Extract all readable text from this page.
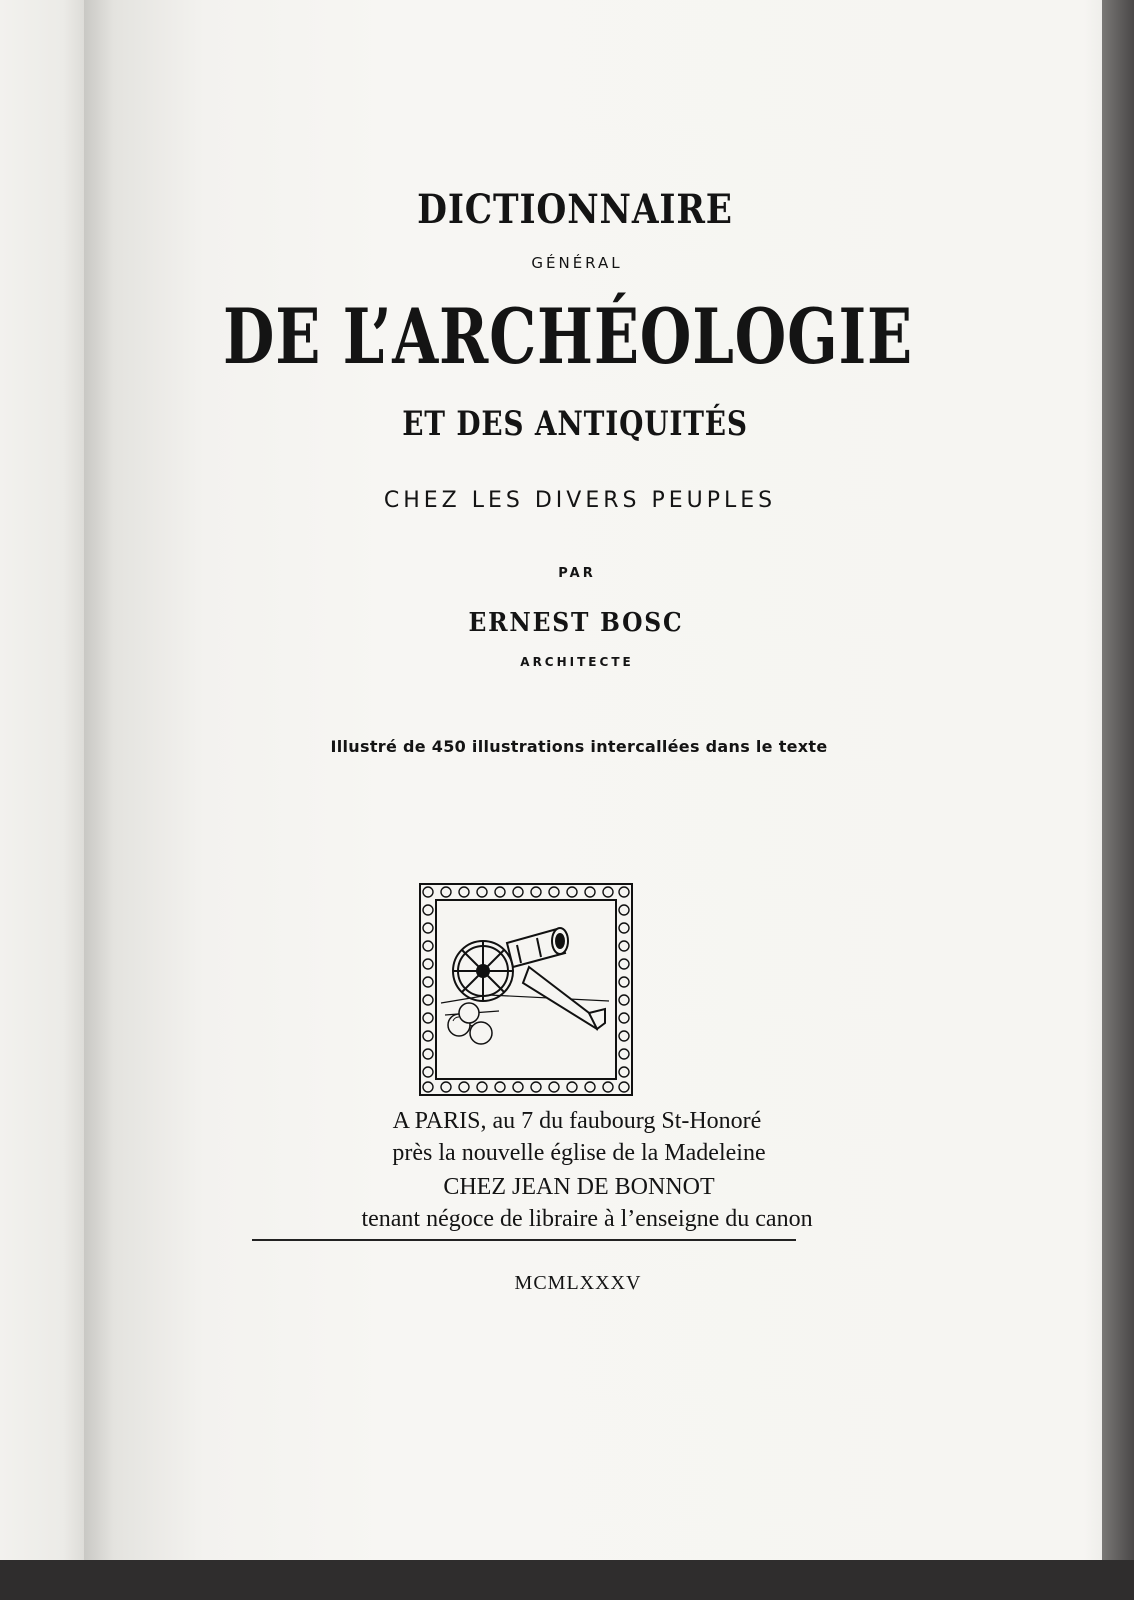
DICTIONNAIRE
GÉNÉRAL
DE L’ARCHÉOLOGIE
ET DES ANTIQUITÉS
CHEZ LES DIVERS PEUPLES
PAR
ERNEST BOSC
ARCHITECTE
Illustré de 450 illustrations intercallées dans le texte
A PARIS, au 7 du faubourg St-Honoré
près la nouvelle église de la Madeleine
CHEZ JEAN DE BONNOT
tenant négoce de libraire à l’enseigne du canon
MCMLXXXV
